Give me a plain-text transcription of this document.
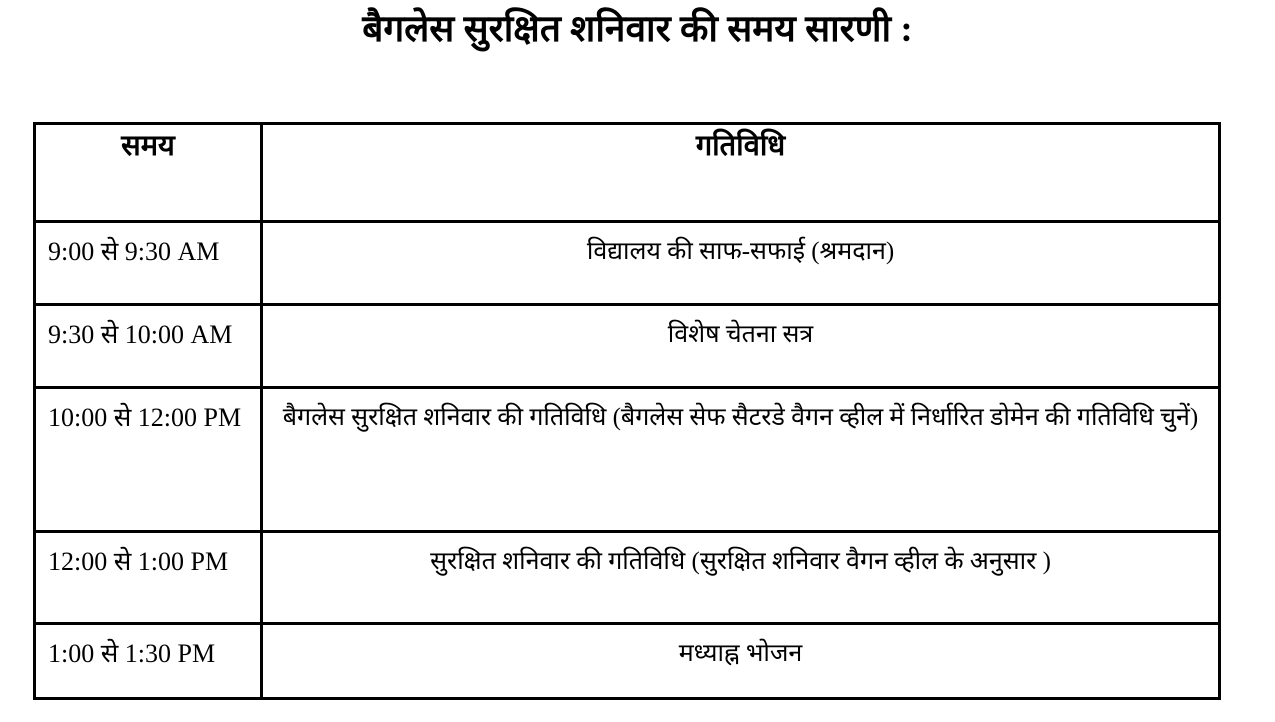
बैगलेस सुरक्षित शनिवार की समय सारणी :
समय	गतिविधि
9:00 से 9:30 AM	विद्यालय की साफ-सफाई (श्रमदान)
9:30 से 10:00 AM	विशेष चेतना सत्र
10:00 से 12:00 PM	बैगलेस सुरक्षित शनिवार की गतिविधि (बैगलेस सेफ सैटरडे वैगन व्हील में निर्धारित डोमेन की गतिविधि चुनें)
12:00 से 1:00 PM	सुरक्षित शनिवार की गतिविधि (सुरक्षित शनिवार वैगन व्हील के अनुसार )
1:00 से 1:30 PM	मध्याह्न भोजन
